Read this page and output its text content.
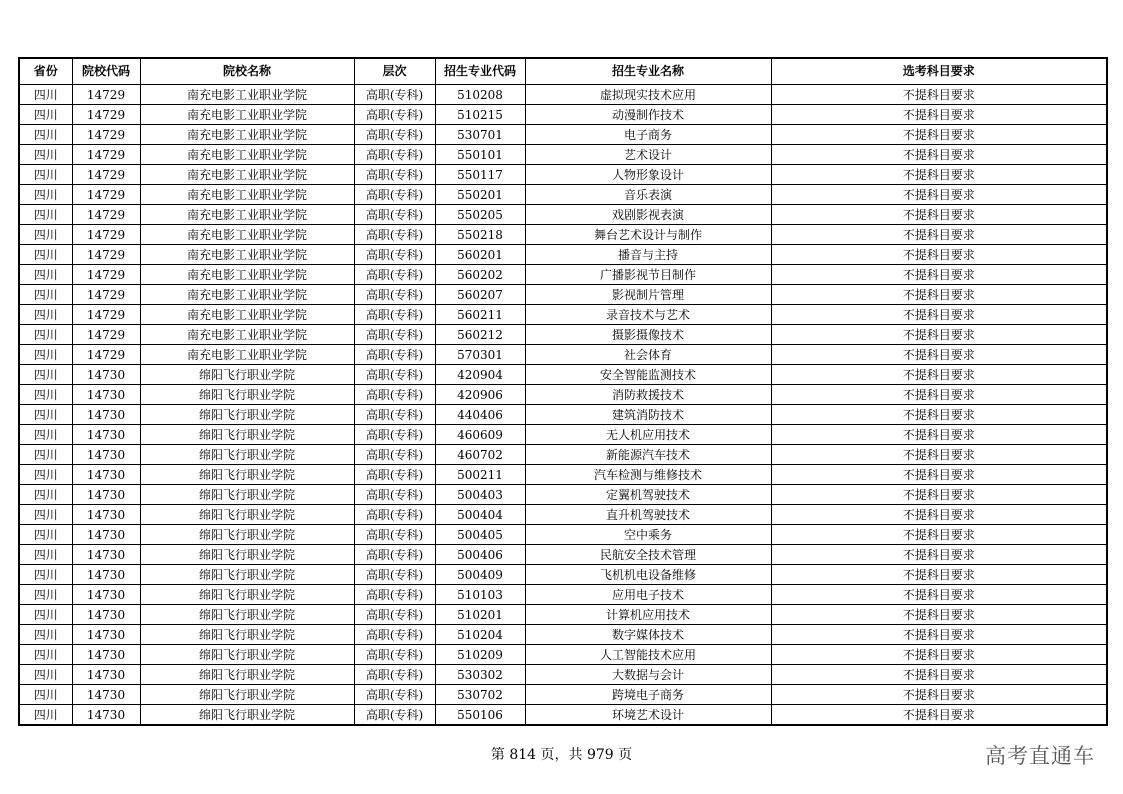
省份	院校代码	院校名称	层次	招生专业代码	招生专业名称	选考科目要求
四川	14729	南充电影工业职业学院	高职(专科)	510208	虚拟现实技术应用	不提科目要求
四川	14729	南充电影工业职业学院	高职(专科)	510215	动漫制作技术	不提科目要求
四川	14729	南充电影工业职业学院	高职(专科)	530701	电子商务	不提科目要求
四川	14729	南充电影工业职业学院	高职(专科)	550101	艺术设计	不提科目要求
四川	14729	南充电影工业职业学院	高职(专科)	550117	人物形象设计	不提科目要求
四川	14729	南充电影工业职业学院	高职(专科)	550201	音乐表演	不提科目要求
四川	14729	南充电影工业职业学院	高职(专科)	550205	戏剧影视表演	不提科目要求
四川	14729	南充电影工业职业学院	高职(专科)	550218	舞台艺术设计与制作	不提科目要求
四川	14729	南充电影工业职业学院	高职(专科)	560201	播音与主持	不提科目要求
四川	14729	南充电影工业职业学院	高职(专科)	560202	广播影视节目制作	不提科目要求
四川	14729	南充电影工业职业学院	高职(专科)	560207	影视制片管理	不提科目要求
四川	14729	南充电影工业职业学院	高职(专科)	560211	录音技术与艺术	不提科目要求
四川	14729	南充电影工业职业学院	高职(专科)	560212	摄影摄像技术	不提科目要求
四川	14729	南充电影工业职业学院	高职(专科)	570301	社会体育	不提科目要求
四川	14730	绵阳飞行职业学院	高职(专科)	420904	安全智能监测技术	不提科目要求
四川	14730	绵阳飞行职业学院	高职(专科)	420906	消防救援技术	不提科目要求
四川	14730	绵阳飞行职业学院	高职(专科)	440406	建筑消防技术	不提科目要求
四川	14730	绵阳飞行职业学院	高职(专科)	460609	无人机应用技术	不提科目要求
四川	14730	绵阳飞行职业学院	高职(专科)	460702	新能源汽车技术	不提科目要求
四川	14730	绵阳飞行职业学院	高职(专科)	500211	汽车检测与维修技术	不提科目要求
四川	14730	绵阳飞行职业学院	高职(专科)	500403	定翼机驾驶技术	不提科目要求
四川	14730	绵阳飞行职业学院	高职(专科)	500404	直升机驾驶技术	不提科目要求
四川	14730	绵阳飞行职业学院	高职(专科)	500405	空中乘务	不提科目要求
四川	14730	绵阳飞行职业学院	高职(专科)	500406	民航安全技术管理	不提科目要求
四川	14730	绵阳飞行职业学院	高职(专科)	500409	飞机机电设备维修	不提科目要求
四川	14730	绵阳飞行职业学院	高职(专科)	510103	应用电子技术	不提科目要求
四川	14730	绵阳飞行职业学院	高职(专科)	510201	计算机应用技术	不提科目要求
四川	14730	绵阳飞行职业学院	高职(专科)	510204	数字媒体技术	不提科目要求
四川	14730	绵阳飞行职业学院	高职(专科)	510209	人工智能技术应用	不提科目要求
四川	14730	绵阳飞行职业学院	高职(专科)	530302	大数据与会计	不提科目要求
四川	14730	绵阳飞行职业学院	高职(专科)	530702	跨境电子商务	不提科目要求
四川	14730	绵阳飞行职业学院	高职(专科)	550106	环境艺术设计	不提科目要求
第 814 页，共 979 页	高考直通车
